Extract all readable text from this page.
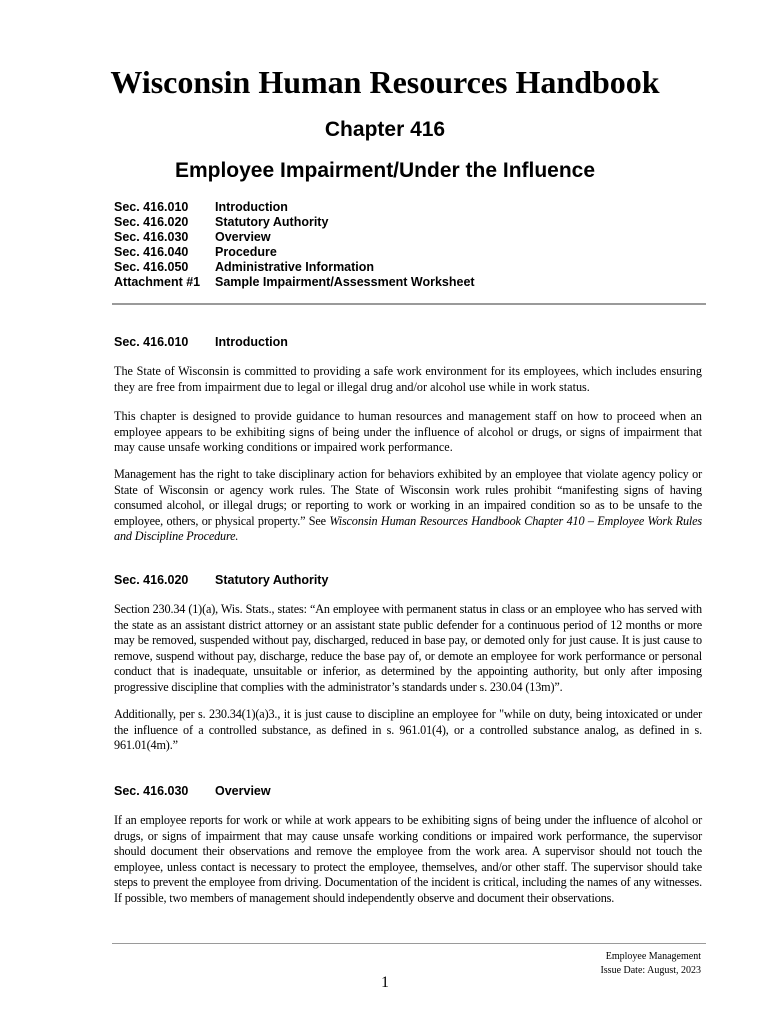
Wisconsin Human Resources Handbook
Chapter 416
Employee Impairment/Under the Influence
Sec. 416.010	Introduction
Sec. 416.020	Statutory Authority
Sec. 416.030	Overview
Sec. 416.040	Procedure
Sec. 416.050	Administrative Information
Attachment #1	Sample Impairment/Assessment Worksheet
Sec. 416.010	Introduction
The State of Wisconsin is committed to providing a safe work environment for its employees, which includes ensuring they are free from impairment due to legal or illegal drug and/or alcohol use while in work status.
This chapter is designed to provide guidance to human resources and management staff on how to proceed when an employee appears to be exhibiting signs of being under the influence of alcohol or drugs, or signs of impairment that may cause unsafe working conditions or impaired work performance.
Management has the right to take disciplinary action for behaviors exhibited by an employee that violate agency policy or State of Wisconsin or agency work rules. The State of Wisconsin work rules prohibit “manifesting signs of having consumed alcohol, or illegal drugs; or reporting to work or working in an impaired condition so as to be unsafe to the employee, others, or physical property.” See Wisconsin Human Resources Handbook Chapter 410 – Employee Work Rules and Discipline Procedure.
Sec. 416.020	Statutory Authority
Section 230.34 (1)(a), Wis. Stats., states: “An employee with permanent status in class or an employee who has served with the state as an assistant district attorney or an assistant state public defender for a continuous period of 12 months or more may be removed, suspended without pay, discharged, reduced in base pay, or demoted only for just cause. It is just cause to remove, suspend without pay, discharge, reduce the base pay of, or demote an employee for work performance or personal conduct that is inadequate, unsuitable or inferior, as determined by the appointing authority, but only after imposing progressive discipline that complies with the administrator’s standards under s. 230.04 (13m)”.
Additionally, per s. 230.34(1)(a)3., it is just cause to discipline an employee for "while on duty, being intoxicated or under the influence of a controlled substance, as defined in s. 961.01(4), or a controlled substance analog, as defined in s. 961.01(4m).”
Sec. 416.030	Overview
If an employee reports for work or while at work appears to be exhibiting signs of being under the influence of alcohol or drugs, or signs of impairment that may cause unsafe working conditions or impaired work performance, the supervisor should document their observations and remove the employee from the work area. A supervisor should not touch the employee, unless contact is necessary to protect the employee, themselves, and/or other staff. The supervisor should take steps to prevent the employee from driving. Documentation of the incident is critical, including the names of any witnesses. If possible, two members of management should independently observe and document their observations.
Employee Management
Issue Date: August, 2023
1
